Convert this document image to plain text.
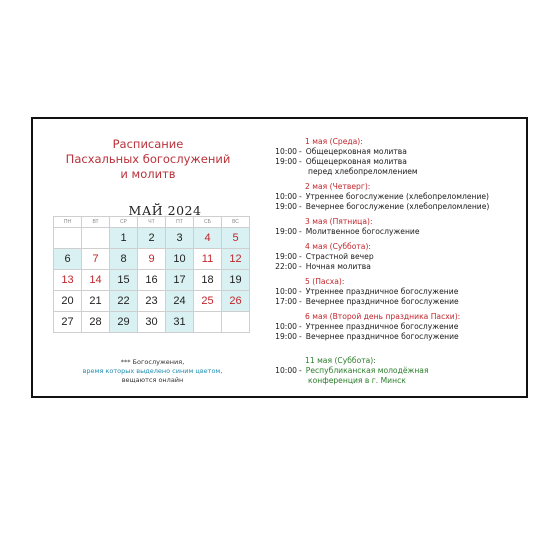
Расписание
Пасхальных богослужений
и молитв
МАЙ 2024
ПН	ВТ	СР	ЧТ	ПТ	СБ	ВС
		1	2	3	4	5
6	7	8	9	10	11	12
13	14	15	16	17	18	19
20	21	22	23	24	25	26
27	28	29	30	31		
*** Богослужения,
время которых выделено синим цветом,
вещаются онлайн
1 мая (Среда):
10:00 - Общецерковная молитва
19:00 - Общецерковная молитва
перед хлебопреломлением
2 мая (Четверг):
10:00 - Утреннее богослужение (хлебопреломление)
19:00 - Вечернее богослужение (хлебопреломление)
3 мая (Пятница):
19:00 - Молитвенное богослужение
4 мая (Суббота):
19:00 - Страстной вечер
22:00 - Ночная молитва
5 (Пасха):
10:00 - Утреннее праздничное богослужение
17:00 - Вечернее праздничное богослужение
6 мая (Второй день праздника Пасхи):
10:00 - Утреннее праздничное богослужение
19:00 - Вечернее праздничное богослужение
11 мая (Суббота):
10:00 - Республиканская молодёжная
конференция в г. Минск
